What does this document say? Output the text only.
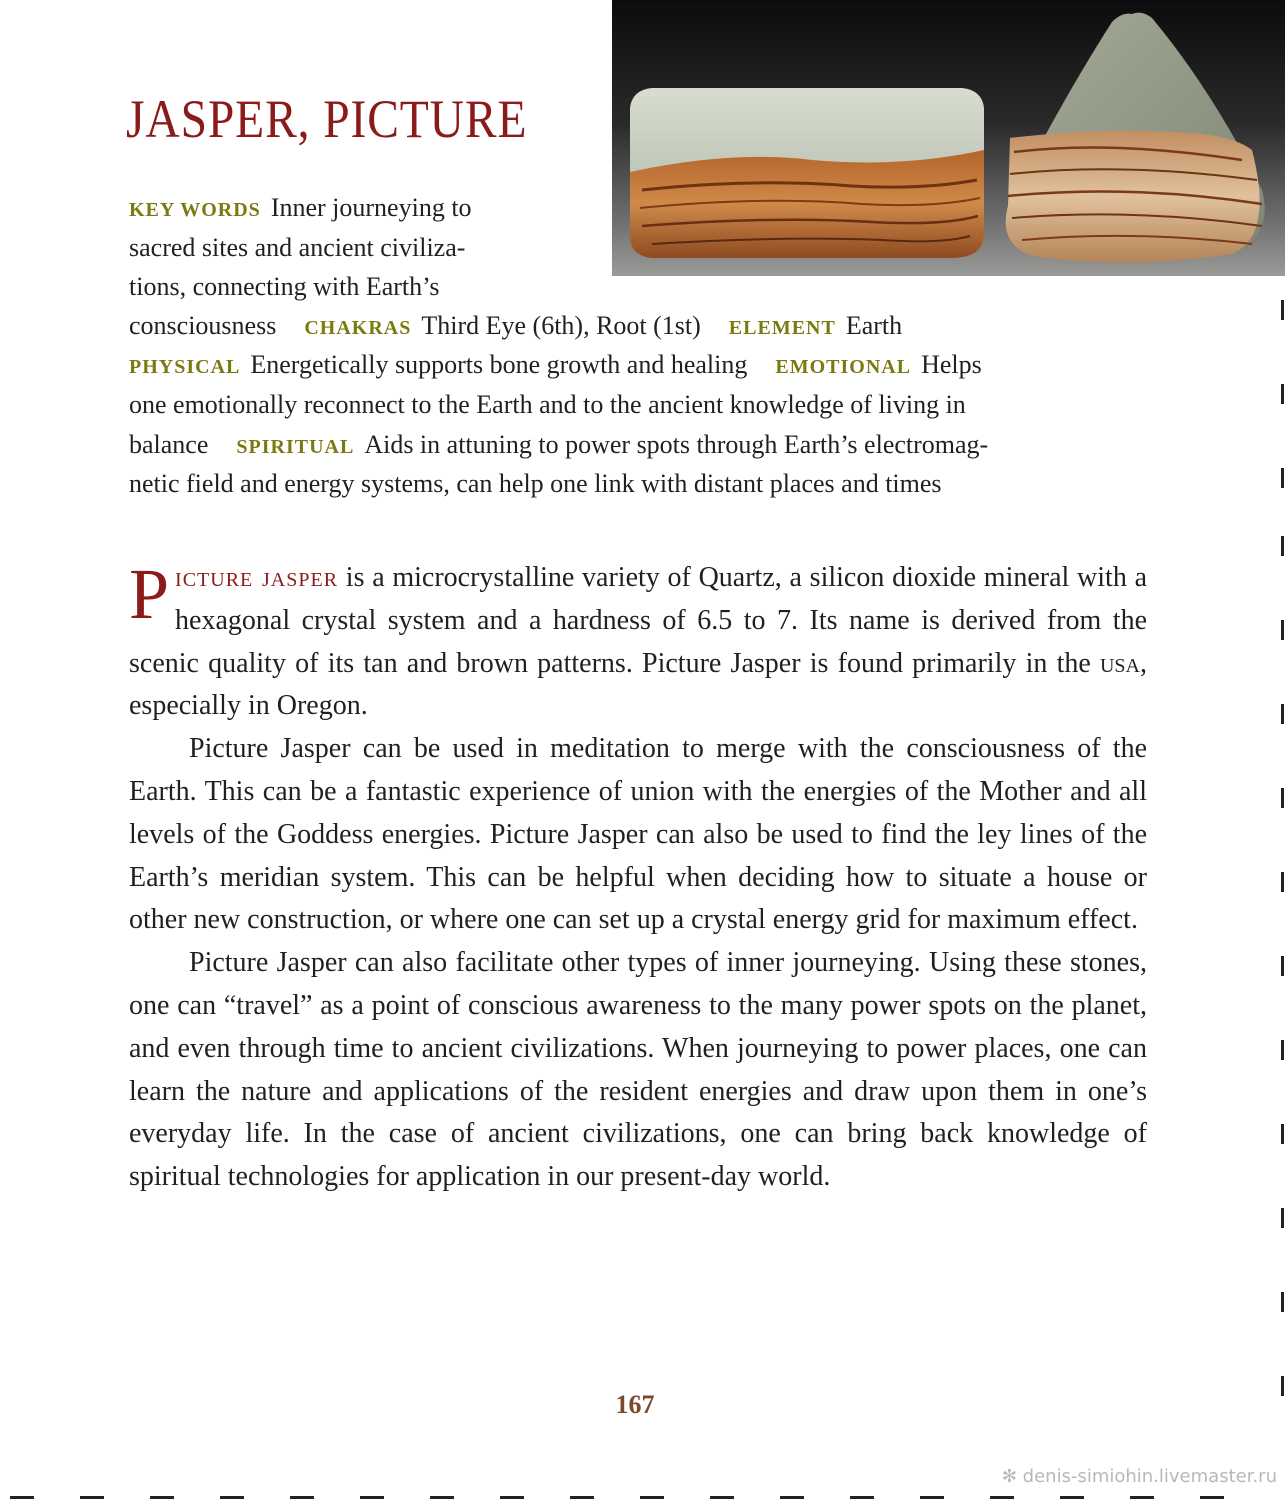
JASPER, PICTURE
KEY WORDS Inner journeying to
sacred sites and ancient civiliza-
tions, connecting with Earth’s
consciousness CHAKRAS Third Eye (6th), Root (1st) ELEMENT Earth
PHYSICAL Energetically supports bone growth and healing EMOTIONAL Helps
one emotionally reconnect to the Earth and to the ancient knowledge of living in
balance SPIRITUAL Aids in attuning to power spots through Earth’s electromag-
netic field and energy systems, can help one link with distant places and times

Picture jasper is a microcrystalline variety of Quartz, a silicon dioxide mineral with a hexagonal crystal system and a hardness of 6.5 to 7. Its name is derived from the scenic quality of its tan and brown patterns. Picture Jasper is found primarily in the usa, especially in Oregon.

Picture Jasper can be used in meditation to merge with the consciousness of the Earth. This can be a fantastic experience of union with the energies of the Mother and all levels of the Goddess energies. Picture Jasper can also be used to find the ley lines of the Earth’s meridian system. This can be helpful when deciding how to situate a house or other new construction, or where one can set up a crystal energy grid for maximum effect.

Picture Jasper can also facilitate other types of inner journeying. Using these stones, one can “travel” as a point of conscious awareness to the many power spots on the planet, and even through time to ancient civilizations. When journeying to power places, one can learn the nature and applications of the resident energies and draw upon them in one’s everyday life. In the case of ancient civilizations, one can bring back knowledge of spiritual technologies for application in our present-day world.

167
✻ denis-simiohin.livemaster.ru
